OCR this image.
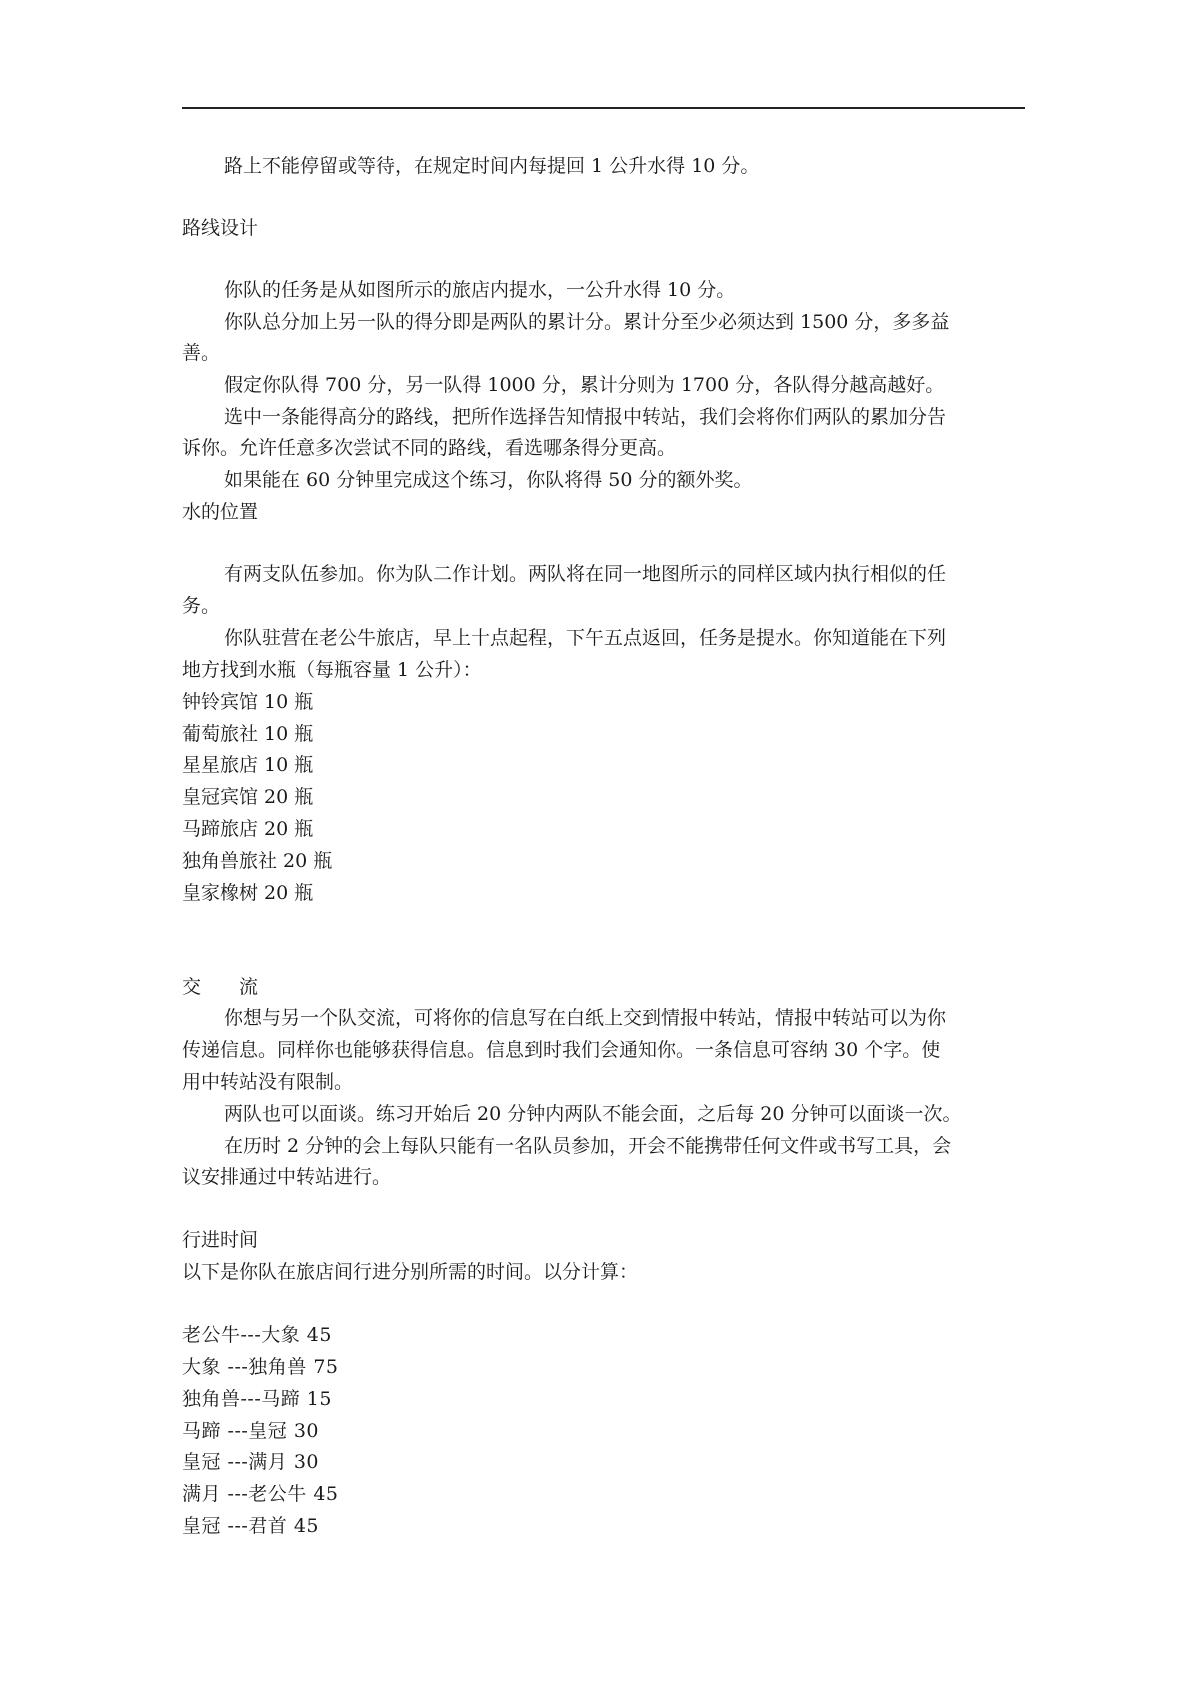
路上不能停留或等待，在规定时间内每提回 1 公升水得 10 分。

路线设计

你队的任务是从如图所示的旅店内提水，一公升水得 10 分。

你队总分加上另一队的得分即是两队的累计分。累计分至少必须达到 1500 分，多多益

善。

假定你队得 700 分，另一队得 1000 分，累计分则为 1700 分，各队得分越高越好。

选中一条能得高分的路线，把所作选择告知情报中转站，我们会将你们两队的累加分告

诉你。允许任意多次尝试不同的路线，看选哪条得分更高。

如果能在 60 分钟里完成这个练习，你队将得 50 分的额外奖。

水的位置

有两支队伍参加。你为队二作计划。两队将在同一地图所示的同样区域内执行相似的任

务。

你队驻营在老公牛旅店，早上十点起程，下午五点返回，任务是提水。你知道能在下列

地方找到水瓶（每瓶容量 1 公升）：

钟铃宾馆 10 瓶

葡萄旅社 10 瓶

星星旅店 10 瓶

皇冠宾馆 20 瓶

马蹄旅店 20 瓶

独角兽旅社 20 瓶

皇家橡树 20 瓶

交　　流

你想与另一个队交流，可将你的信息写在白纸上交到情报中转站，情报中转站可以为你

传递信息。同样你也能够获得信息。信息到时我们会通知你。一条信息可容纳 30 个字。使

用中转站没有限制。

两队也可以面谈。练习开始后 20 分钟内两队不能会面，之后每 20 分钟可以面谈一次。

在历时 2 分钟的会上每队只能有一名队员参加，开会不能携带任何文件或书写工具，会

议安排通过中转站进行。

行进时间

以下是你队在旅店间行进分别所需的时间。以分计算：

老公牛---大象 45

大象 ---独角兽 75

独角兽---马蹄 15

马蹄 ---皇冠 30

皇冠 ---满月 30

满月 ---老公牛 45

皇冠 ---君首 45
